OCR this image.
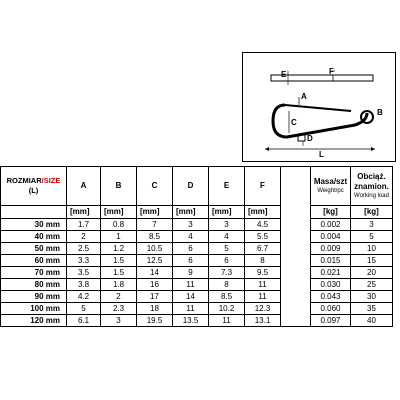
E	F
A
B
C
D
L
ROZMIAR/SIZE
(L)	A	B	C	D	E	F		Masa/szt
Weight/pc	Obciąż.
znamion.
Working load

	[mm]	[mm]	[mm]	[mm]	[mm]	[mm]		[kg]	[kg]
30 mm	1.7	0.8	7	3	3	4.5		0.002	3
40 mm	2	1	8.5	4	4	5.5		0.004	5
50 mm	2.5	1.2	10.5	6	5	6.7		0.009	10
60 mm	3.3	1.5	12.5	6	6	8		0.015	15
70 mm	3.5	1.5	14	9	7.3	9.5		0.021	20
80 mm	3.8	1.8	16	11	8	11		0.030	25
90 mm	4.2	2	17	14	8.5	11		0.043	30
100 mm	5	2.3	18	11	10.2	12.3		0.060	35
120 mm	6.1	3	19.5	13.5	11	13.1		0.097	40
